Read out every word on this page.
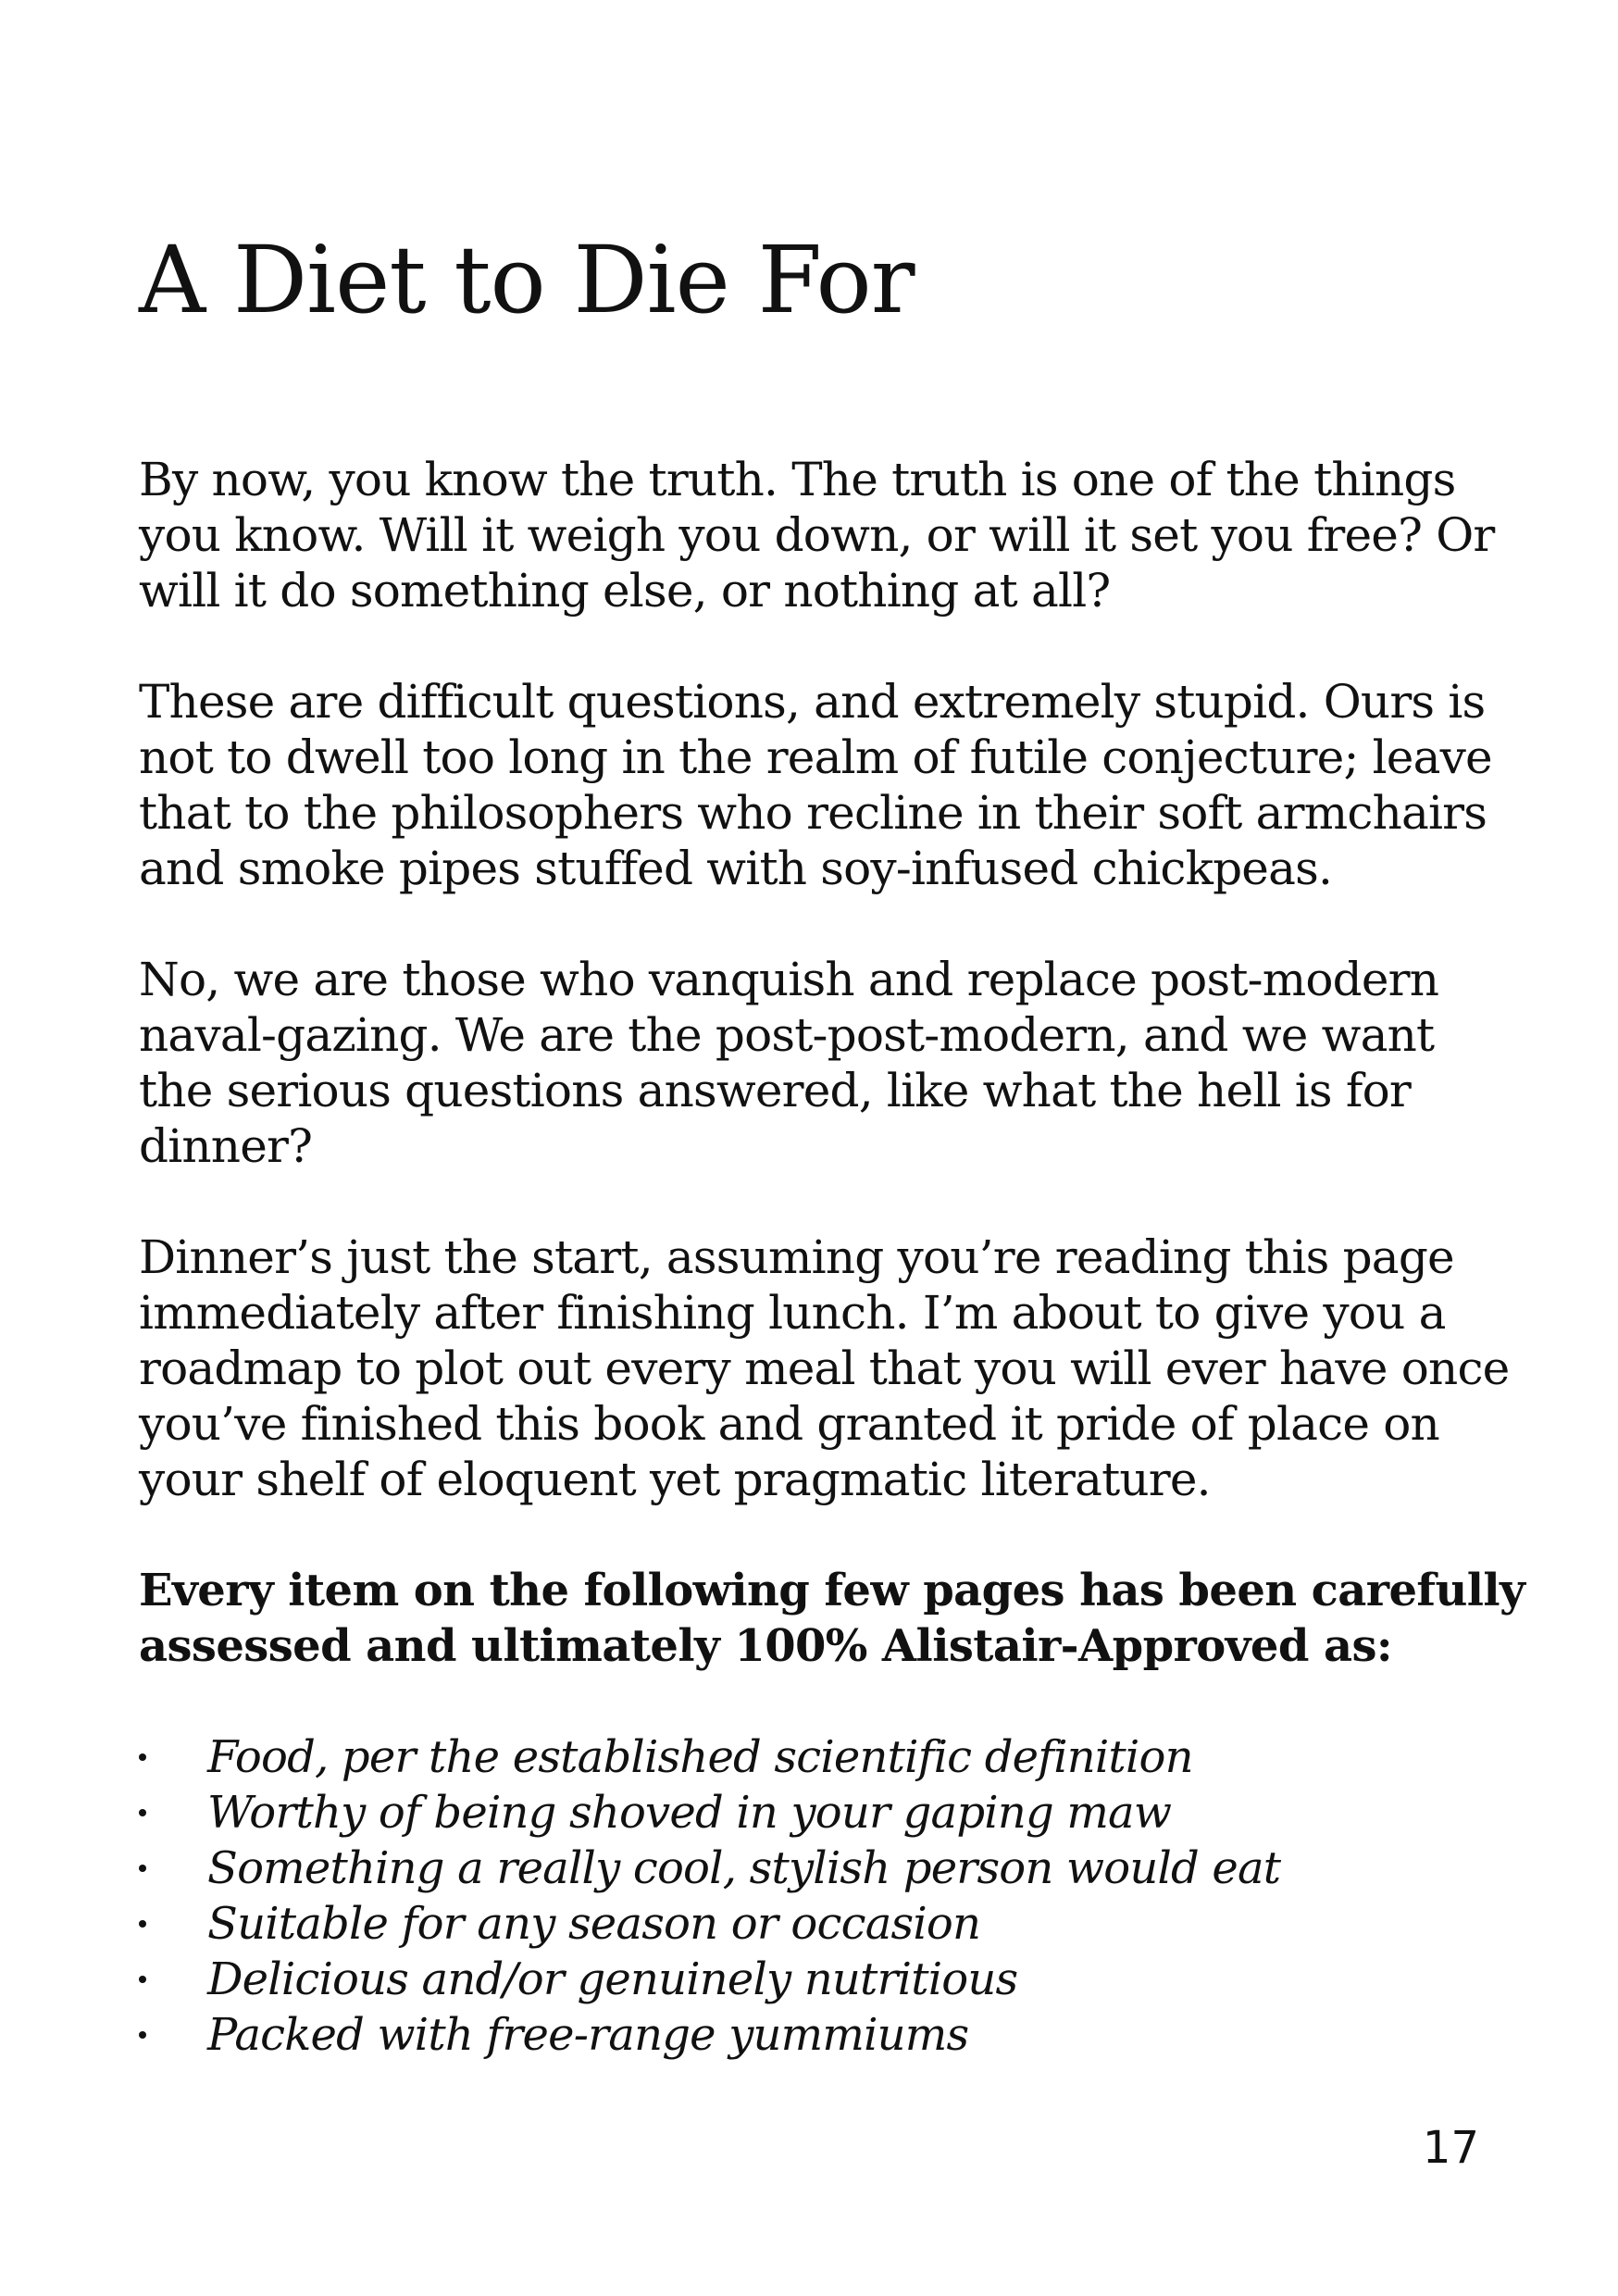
A Diet to Die For

By now, you know the truth. The truth is one of the things
you know. Will it weigh you down, or will it set you free? Or
will it do something else, or nothing at all?

These are difficult questions, and extremely stupid. Ours is
not to dwell too long in the realm of futile conjecture; leave
that to the philosophers who recline in their soft armchairs
and smoke pipes stuffed with soy-infused chickpeas.

No, we are those who vanquish and replace post-modern
naval-gazing. We are the post-post-modern, and we want
the serious questions answered, like what the hell is for
dinner?

Dinner’s just the start, assuming you’re reading this page
immediately after finishing lunch. I’m about to give you a
roadmap to plot out every meal that you will ever have once
you’ve finished this book and granted it pride of place on
your shelf of eloquent yet pragmatic literature.

Every item on the following few pages has been carefully
assessed and ultimately 100% Alistair-Approved as:

Food, per the established scientific definition
Worthy of being shoved in your gaping maw
Something a really cool, stylish person would eat
Suitable for any season or occasion
Delicious and/or genuinely nutritious
Packed with free-range yummiums
17
